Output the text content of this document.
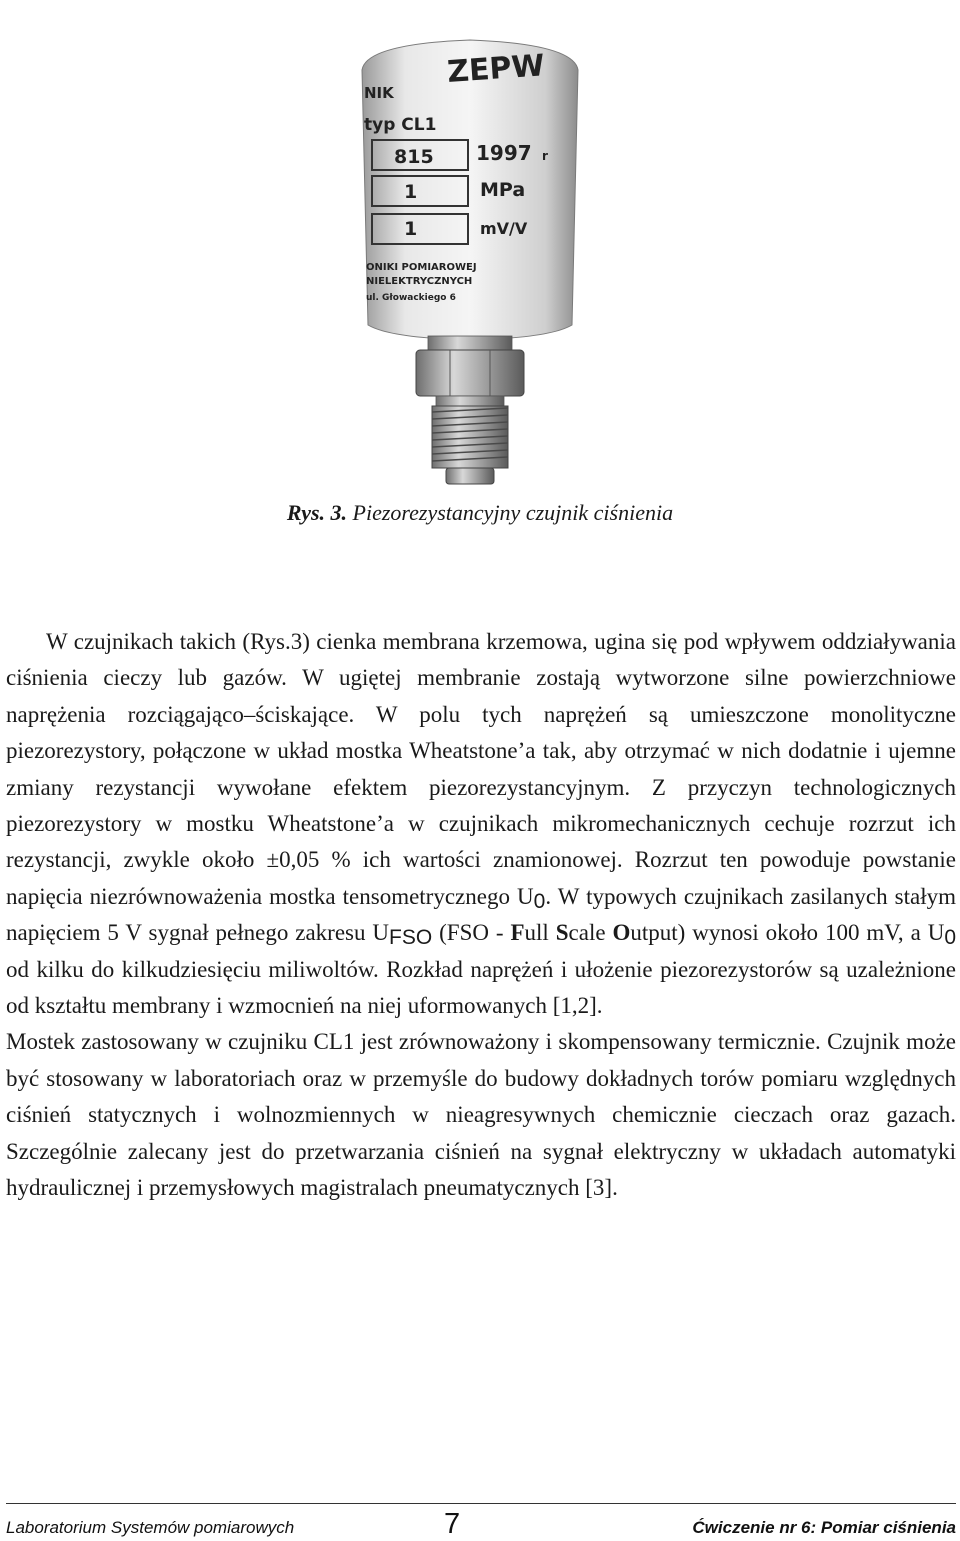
ZEPW
NIK
typ CL1
815 1997 r
1	MPa
1	mV/V
ONIKI POMIAROWEJ
NIELEKTRYCZNYCH
ul. Głowackiego 6
Rys. 3. Piezorezystancyjny czujnik ciśnienia

W czujnikach takich (Rys.3) cienka membrana krzemowa, ugina się pod wpływem oddziaływania ciśnienia cieczy lub gazów. W ugiętej membranie zostają wytworzone silne powierzchniowe naprężenia rozciągająco–ściskające. W polu tych naprężeń są umieszczone monolityczne piezorezystory, połączone w układ mostka Wheatstone’a tak, aby otrzymać w nich dodatnie i ujemne zmiany rezystancji wywołane efektem piezorezystancyjnym. Z przyczyn technologicznych piezorezystory w mostku Wheatstone’a w czujnikach mikromechanicznych cechuje rozrzut ich rezystancji, zwykle około ±0,05 % ich wartości znamionowej. Rozrzut ten powoduje powstanie napięcia niezrównoważenia mostka tensometrycznego $U_0$. W typowych czujnikach zasilanych stałym napięciem 5 V sygnał pełnego zakresu $U_{FSO}$ (FSO - Full Scale Output) wynosi około 100 mV, a $U_0$ od kilku do kilkudziesięciu miliwoltów. Rozkład naprężeń i ułożenie piezorezystorów są uzależnione od kształtu membrany i wzmocnień na niej uformowanych [1,2].

Mostek zastosowany w czujniku CL1 jest zrównoważony i skompensowany termicznie. Czujnik może być stosowany w laboratoriach oraz w przemyśle do budowy dokładnych torów pomiaru względnych ciśnień statycznych i wolnozmiennych w nieagresywnych chemicznie cieczach oraz gazach. Szczególnie zalecany jest do przetwarzania ciśnień na sygnał elektryczny w układach automatyki hydraulicznej i przemysłowych magistralach pneumatycznych [3].

Laboratorium Systemów pomiarowych	7	Ćwiczenie nr 6: Pomiar ciśnienia
